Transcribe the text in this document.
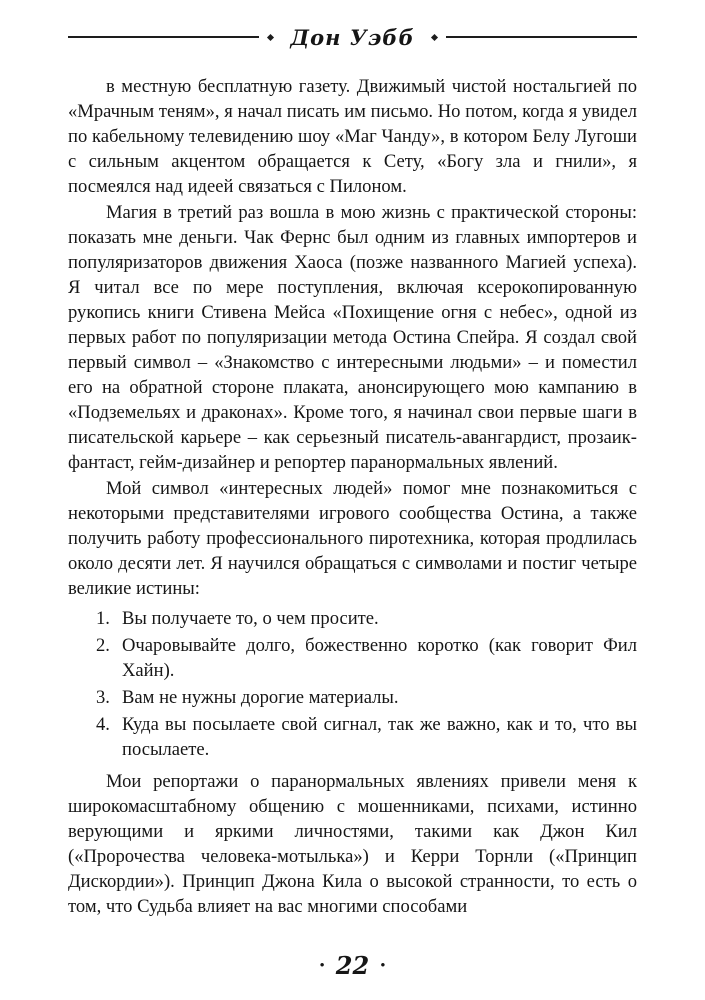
Дон Уэбб

в местную бесплатную газету. Движимый чистой ностальгией по «Мрачным теням», я начал писать им письмо. Но потом, когда я увидел по кабельному телевидению шоу «Маг Чанду», в котором Белу Лугоши с сильным акцентом обращается к Сету, «Богу зла и гнили», я посмеялся над идеей связаться с Пилоном.

Магия в третий раз вошла в мою жизнь с практической стороны: показать мне деньги. Чак Фернс был одним из главных импортеров и популяризаторов движения Хаоса (позже названного Магией успеха). Я читал все по мере поступления, включая ксерокопированную рукопись книги Стивена Мейса «Похищение огня с небес», одной из первых работ по популяризации метода Остина Спейра. Я создал свой первый символ – «Знакомство с интересными людьми» – и поместил его на обратной стороне плаката, анонсирующего мою кампанию в «Подземельях и драконах». Кроме того, я начинал свои первые шаги в писательской карьере – как серьезный писатель-авангардист, прозаик-фантаст, гейм-дизайнер и репортер паранормальных явлений.

Мой символ «интересных людей» помог мне познакомиться с некоторыми представителями игрового сообщества Остина, а также получить работу профессионального пиротехника, которая продлилась около десяти лет. Я научился обращаться с символами и постиг четыре великие истины:

1. Вы получаете то, о чем просите.
2. Очаровывайте долго, божественно коротко (как говорит Фил Хайн).
3. Вам не нужны дорогие материалы.
4. Куда вы посылаете свой сигнал, так же важно, как и то, что вы посылаете.

Мои репортажи о паранормальных явлениях привели меня к широкомасштабному общению с мошенниками, психами, истинно верующими и яркими личностями, такими как Джон Кил («Пророчества человека-мотылька») и Керри Торнли («Принцип Дискордии»). Принцип Джона Кила о высокой странности, то есть о том, что Судьба влияет на вас многими способами

• 22 •
